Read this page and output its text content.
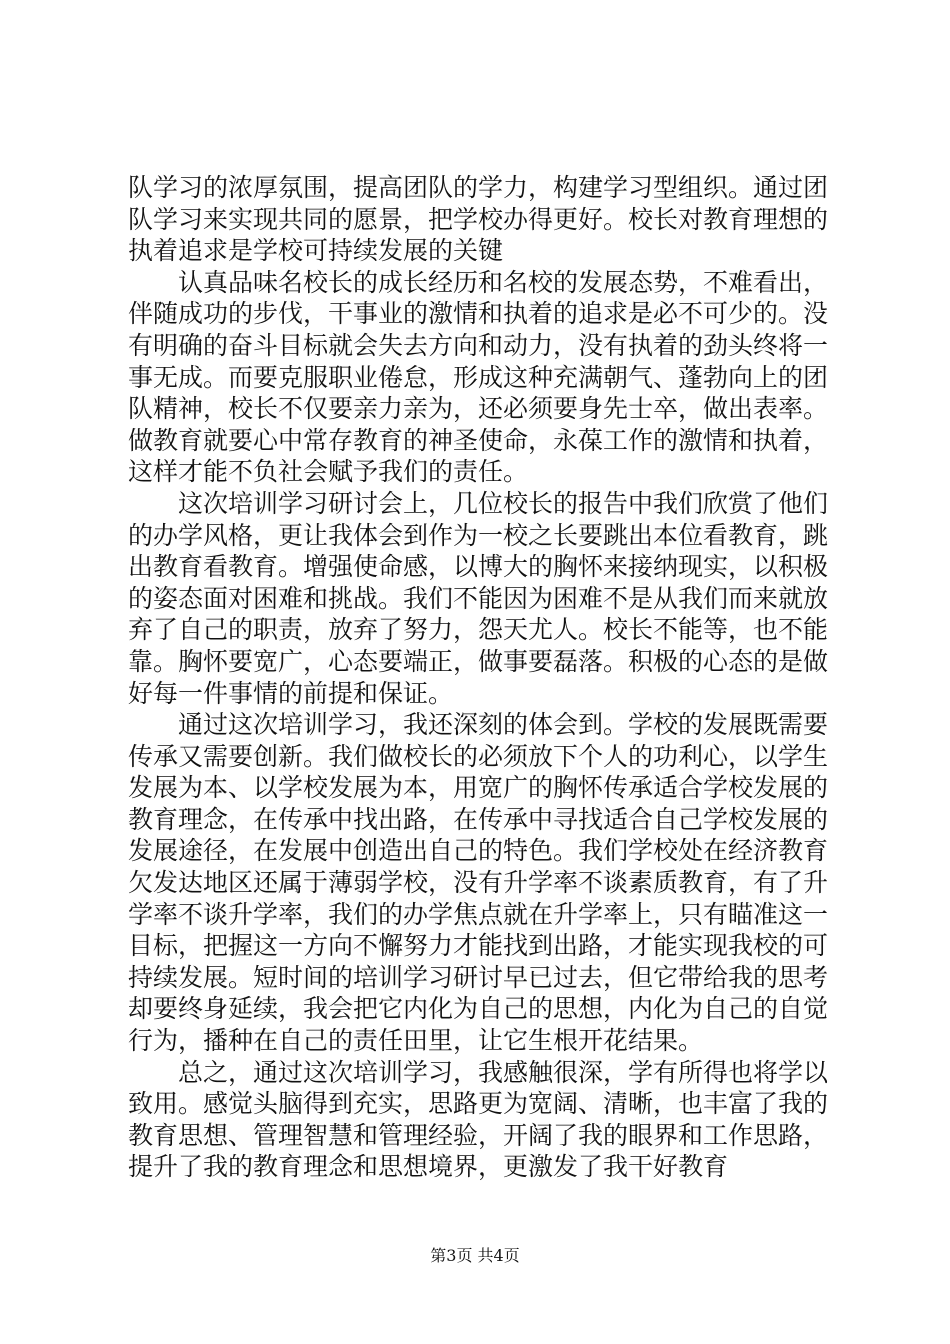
队学习的浓厚氛围，提高团队的学力，构建学习型组织。通过团队学习来实现共同的愿景，把学校办得更好。校长对教育理想的执着追求是学校可持续发展的关键

认真品味名校长的成长经历和名校的发展态势，不难看出，伴随成功的步伐，干事业的激情和执着的追求是必不可少的。没有明确的奋斗目标就会失去方向和动力，没有执着的劲头终将一事无成。而要克服职业倦怠，形成这种充满朝气、蓬勃向上的团队精神，校长不仅要亲力亲为，还必须要身先士卒，做出表率。做教育就要心中常存教育的神圣使命，永葆工作的激情和执着，这样才能不负社会赋予我们的责任。

这次培训学习研讨会上，几位校长的报告中我们欣赏了他们的办学风格，更让我体会到作为一校之长要跳出本位看教育，跳出教育看教育。增强使命感，以博大的胸怀来接纳现实，以积极的姿态面对困难和挑战。我们不能因为困难不是从我们而来就放弃了自己的职责，放弃了努力，怨天尤人。校长不能等，也不能靠。胸怀要宽广，心态要端正，做事要磊落。积极的心态的是做好每一件事情的前提和保证。

通过这次培训学习，我还深刻的体会到。学校的发展既需要传承又需要创新。我们做校长的必须放下个人的功利心，以学生发展为本、以学校发展为本，用宽广的胸怀传承适合学校发展的教育理念，在传承中找出路，在传承中寻找适合自己学校发展的发展途径，在发展中创造出自己的特色。我们学校处在经济教育欠发达地区还属于薄弱学校，没有升学率不谈素质教育，有了升学率不谈升学率，我们的办学焦点就在升学率上，只有瞄准这一目标，把握这一方向不懈努力才能找到出路，才能实现我校的可持续发展。短时间的培训学习研讨早已过去，但它带给我的思考却要终身延续，我会把它内化为自己的思想，内化为自己的自觉行为，播种在自己的责任田里，让它生根开花结果。

总之，通过这次培训学习，我感触很深，学有所得也将学以致用。感觉头脑得到充实，思路更为宽阔、清晰，也丰富了我的教育思想、管理智慧和管理经验，开阔了我的眼界和工作思路，提升了我的教育理念和思想境界，更激发了我干好教育

第3页 共4页
